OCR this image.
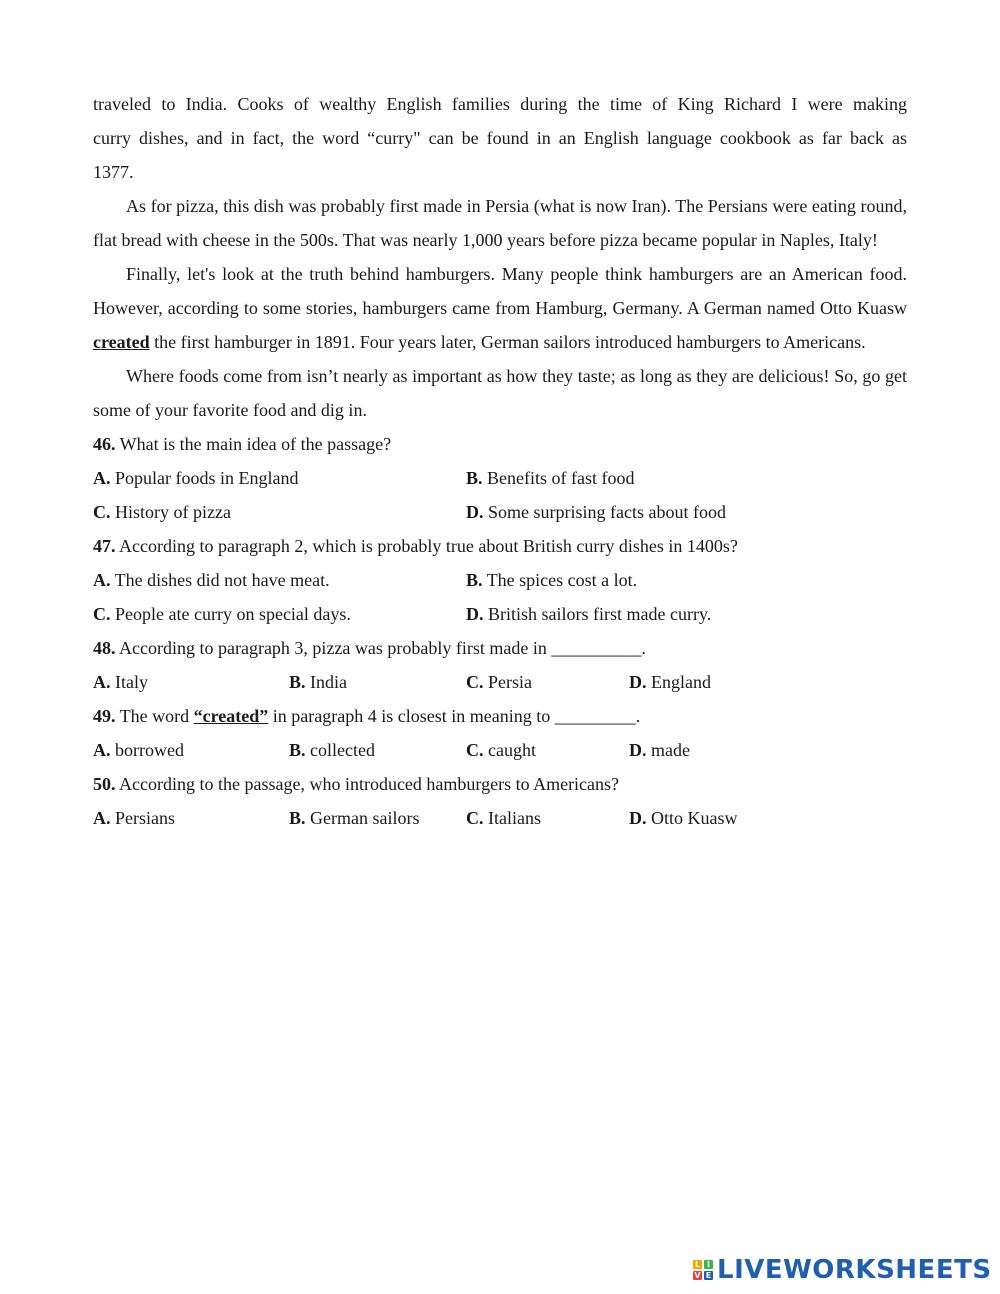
traveled to India. Cooks of wealthy English families during the time of King Richard I were making
curry dishes, and in fact, the word “curry" can be found in an English language cookbook as far back as
1377.

As for pizza, this dish was probably first made in Persia (what is now Iran). The Persians were eating round, flat bread with cheese in the 500s. That was nearly 1,000 years before pizza became popular in Naples, Italy!

Finally, let's look at the truth behind hamburgers. Many people think hamburgers are an American food. However, according to some stories, hamburgers came from Hamburg, Germany. A German named Otto Kuasw created the first hamburger in 1891. Four years later, German sailors introduced hamburgers to Americans.

Where foods come from isn’t nearly as important as how they taste; as long as they are delicious! So, go get some of your favorite food and dig in.

46. What is the main idea of the passage?

A. Popular foods in England	B. Benefits of fast food
C. History of pizza	D. Some surprising facts about food

47. According to paragraph 2, which is probably true about British curry dishes in 1400s?

A. The dishes did not have meat.	B. The spices cost a lot.
C. People ate curry on special days.	D. British sailors first made curry.

48. According to paragraph 3, pizza was probably first made in __________.

A. Italy	B. India	C. Persia	D. England

49. The word “created” in paragraph 4 is closest in meaning to _________.

A. borrowed	B. collected	C. caught	D. made

50. According to the passage, who introduced hamburgers to Americans?

A. Persians	B. German sailors	C. Italians	D. Otto Kuasw
L I
V E LIVEWORKSHEETS
